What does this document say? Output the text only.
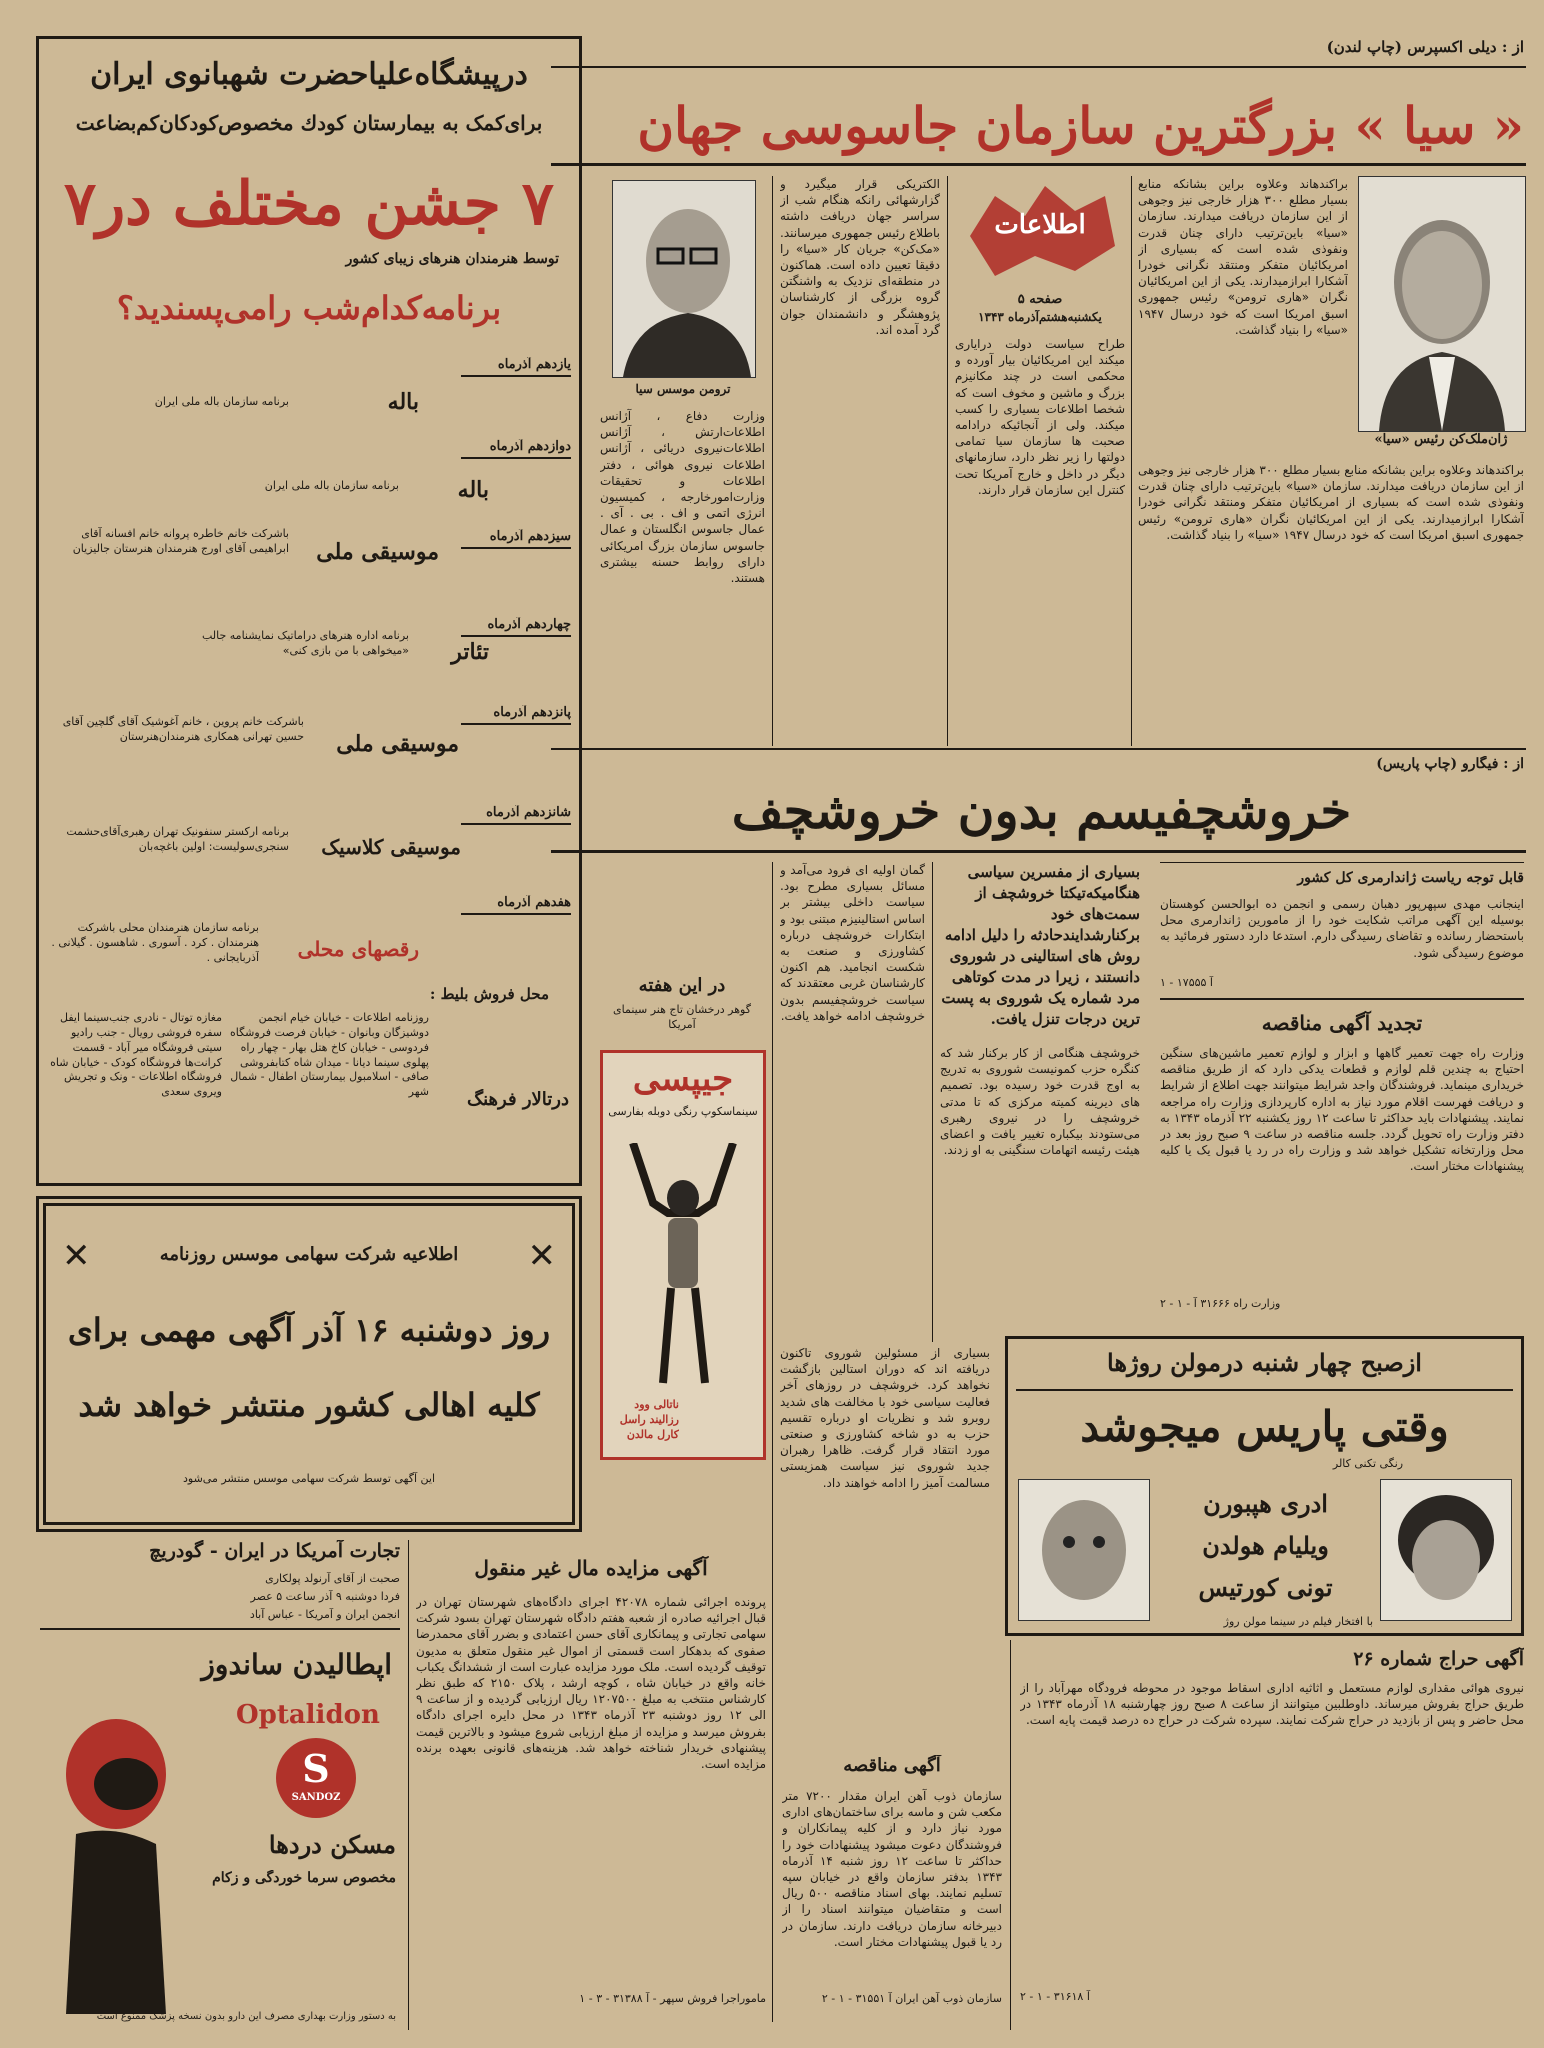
از : دیلی اکسپرس (چاپ لندن)
« سیا » بزرگترین سازمان جاسوسی جهان
ژان‌ملک‌کن رئیس «سیا»
براکندهاند وعلاوه براین بشانکه منابع بسیار مطلع ۳۰۰ هزار خارجی نیز وجوهی از این سازمان دریافت میدارند. سازمان «سیا» باین‌ترتیب دارای چنان قدرت ونفوذی شده است که بسیاری از امریکائیان متفکر ومنتقد نگرانی خودرا آشکارا ابرازمیدارند. یکی از این امریکائیان نگران «هاری ترومن» رئیس جمهوری اسبق امریکا است که خود درسال ۱۹۴۷ «سیا» را بنیاد گذاشت.
براکندهاند وعلاوه براین بشانکه منابع بسیار مطلع ۳۰۰ هزار خارجی نیز وجوهی از این سازمان دریافت میدارند. سازمان «سیا» باین‌ترتیب دارای چنان قدرت ونفوذی شده است که بسیاری از امریکائیان متفکر ومنتقد نگرانی خودرا آشکارا ابرازمیدارند. یکی از این امریکائیان نگران «هاری ترومن» رئیس جمهوری اسبق امریکا است که خود درسال ۱۹۴۷ «سیا» را بنیاد گذاشت.
اطلاعات
صفحه ۵
یکشنبه‌هشتم‌آذرماه ۱۳۴۳
طراح سیاست دولت درایاری میکند این امریکائیان بیار آورده و محکمی است در چند مکانیزم بزرگ و ماشین و مخوف است که شخصا اطلاعات بسیاری را کسب میکند. ولی از آنجائیکه درادامه صحبت ها سازمان سیا تمامی دولتها را زیر نظر دارد، سازمانهای دیگر در داخل و خارج آمریکا تحت کنترل این سازمان قرار دارند.
الکتریکی قرار میگیرد و گزارشهائی رانکه هنگام شب از سراسر جهان دریافت داشته باطلاع رئیس جمهوری میرسانند. «مک‌کن» جریان کار «سیا» را دقیقا تعیین داده است. هماکنون در منطقه‌ای نزدیک به واشنگتن گروه بزرگی از کارشناسان پژوهشگر و دانشمندان جوان گرد آمده اند.
ترومن موسس سیا
وزارت دفاع ، آژانس اطلاعات‌ارتش ، آژانس اطلاعات‌نیروی دریائی ، آژانس اطلاعات نیروی هوائی ، دفتر اطلاعات و تحقیقات وزارت‌امورخارجه ، کمیسیون انرژی اتمی و اف . بی . آی . عمال جاسوس انگلستان و عمال جاسوس سازمان بزرگ امریکائی دارای روابط حسنه بیشتری هستند.
از : فیگارو (چاپ پاریس)
خروشچفیسم بدون خروشچف
بسیاری از مفسرین سیاسی هنگامیکه‌تیکتا خروشچف از سمت‌های خود برکنارشدایندحادثه را دلیل ادامه روش های استالینی در شوروی دانستند ، زیرا در مدت کوتاهی مرد شماره یک شوروی به پست ترین درجات تنزل یافت.
خروشچف هنگامی از کار برکنار شد که کنگره حزب کمونیست شوروی به تدریج به اوج قدرت خود رسیده بود. تصمیم های دیرینه کمیته مرکزی که تا مدتی خروشچف را در نیروی رهبری می‌ستودند بیکباره تغییر یافت و اعضای هیئت رئیسه اتهامات سنگینی به او زدند.
گمان اولیه ای فرود می‌آمد و مسائل بسیاری مطرح بود. سیاست داخلی بیشتر بر اساس استالینیزم مبتنی بود و ابتکارات خروشچف درباره کشاورزی و صنعت به شکست انجامید. هم اکنون کارشناسان غربی معتقدند که سیاست خروشچفیسم بدون خروشچف ادامه خواهد یافت.
بسیاری از مسئولین شوروی تاکنون دریافته اند که دوران استالین بازگشت نخواهد کرد. خروشچف در روزهای آخر فعالیت سیاسی خود با مخالفت های شدید روبرو شد و نظریات او درباره تقسیم حزب به دو شاخه کشاورزی و صنعتی مورد انتقاد قرار گرفت. ظاهرا رهبران جدید شوروی نیز سیاست همزیستی مسالمت آمیز را ادامه خواهند داد.
قابل توجه ریاست ژاندارمری کل کشور
اینجانب مهدی سپهرپور دهبان رسمی و انجمن ده ابوالحسن کوهستان بوسیله این آگهی مراتب شکایت خود را از مامورین ژاندارمری محل باستحضار رسانده و تقاضای رسیدگی دارم. استدعا دارد دستور فرمائید به موضوع رسیدگی شود.
آ ۱۷۵۵۵ - ۱
تجدید آگهی مناقصه
وزارت راه جهت تعمیر گاهها و ابزار و لوازم تعمیر ماشین‌های سنگین احتیاج به چندین قلم لوازم و قطعات یدکی دارد که از طریق مناقصه خریداری مینماید. فروشندگان واجد شرایط میتوانند جهت اطلاع از شرایط و دریافت فهرست اقلام مورد نیاز به اداره کارپردازی وزارت راه مراجعه نمایند. پیشنهادات باید حداکثر تا ساعت ۱۲ روز یکشنبه ۲۲ آذرماه ۱۳۴۳ به دفتر وزارت راه تحویل گردد. جلسه مناقصه در ساعت ۹ صبح روز بعد در محل وزارتخانه تشکیل خواهد شد و وزارت راه در رد یا قبول یک یا کلیه پیشنهادات مختار است.
وزارت راه ۳۱۶۶۶ آ - ۱ - ۲
ازصبح چهار شنبه درمولن روژها
وقتی پاریس میجوشد
رنگی تکنی کالر
ادری هپبورن
ویلیام هولدن
تونی کورتیس
با افتخار فیلم در سینما مولن روژ
آگهی حراج شماره ۲۶
نیروی هوائی مقداری لوازم مستعمل و اثاثیه اداری اسقاط موجود در محوطه فرودگاه مهرآباد را از طریق حراج بفروش میرساند. داوطلبین میتوانند از ساعت ۸ صبح روز چهارشنبه ۱۸ آذرماه ۱۳۴۳ در محل حاضر و پس از بازدید در حراج شرکت نمایند. سپرده شرکت در حراج ده درصد قیمت پایه است.
آ ۳۱۶۱۸ - ۱ - ۲
آگهی مناقصه
سازمان ذوب آهن ایران مقدار ۷۲۰۰ متر مکعب شن و ماسه برای ساختمان‌های اداری مورد نیاز دارد و از کلیه پیمانکاران و فروشندگان دعوت میشود پیشنهادات خود را حداکثر تا ساعت ۱۲ روز شنبه ۱۴ آذرماه ۱۳۴۳ بدفتر سازمان واقع در خیابان سپه تسلیم نمایند. بهای اسناد مناقصه ۵۰۰ ریال است و متقاضیان میتوانند اسناد را از دبیرخانه سازمان دریافت دارند. سازمان در رد یا قبول پیشنهادات مختار است.
سازمان ذوب آهن ایران آ ۳۱۵۵۱ - ۱ - ۲
در این هفته
گوهر درخشان تاج هنر سینمای آمریکا
جیپسی
سینماسکوپ رنگی دوبله بفارسی
ناتالی وود رزالیند راسل کارل مالدن
درپیشگاه‌علیاحضرت شهبانوی ایران
برای‌کمک به بیمارستان کودك مخصوص‌کودکان‌کم‌بضاعت
۷ جشن مختلف در۷
توسط هنرمندان هنرهای زیبای کشور
برنامه‌کدام‌شب را‌می‌پسندید؟
یازدهم آذرماه
باله
برنامه سازمان باله ملی ایران
دوازدهم آذرماه
باله
برنامه سازمان باله ملی ایران
سیزدهم آذرماه
موسیقی ملی
باشرکت خانم خاطره پروانه خانم افسانه آقای ابراهیمی آقای اورج هنرمندان هنرستان جالیزیان
چهاردهم آذرماه
تئاتر
برنامه اداره هنرهای دراماتیک نمایشنامه جالب «میخواهی با من بازی کنی»
پانزدهم آذرماه
موسیقی ملی
باشرکت خانم پروین ، خانم آغوشیک آقای گلچین آقای حسین تهرانی همکاری هنرمندان‌هنرستان
شانزدهم آذرماه
موسیقی کلاسیک
برنامه ارکستر سنفونیک تهران رهبری‌آقای‌حشمت سنجری‌سولیست: اولین باغچه‌بان
هفدهم آذرماه
رقصهای محلی
برنامه سازمان هنرمندان محلی باشرکت هنرمندان . کرد . آسوری . شاهسون . گیلانی . آذربایجانی .
محل فروش بلیط :
روزنامه اطلاعات - خیابان خیام انجمن دوشیزگان وبانوان - خیابان فرصت فروشگاه فردوسی - خیابان کاخ هتل بهار - چهار راه پهلوی سینما دیانا - میدان شاه کتابفروشی صافی - اسلامبول بیمارستان اطفال - شمال شهر
مغازه توتال - نادری جنب‌سینما ایفل سفره فروشی رویال - جنب رادیو سیتی فروشگاه میر آباد - قسمت کرانت‌ها فروشگاه کودک - خیابان شاه فروشگاه اطلاعات - ونک و تجریش ویروی سعدی	درتالار فرهنگ
اطلاعیه شرکت سهامی موسس روزنامه
روز دوشنبه ۱۶ آذر آگهی مهمی برای
کلیه اهالی کشور منتشر خواهد شد
این آگهی توسط شرکت سهامی موسس منتشر می‌شود
✕	✕
تجارت آمریکا در ایران - گودریچ
صحبت از آقای آرنولد پولکاری
فردا دوشنبه ۹ آذر ساعت ۵ عصر
انجمن ایران و آمریکا - عباس آباد
اپطالیدن ساندوز
Optalidon
S
SANDOZ
مسکن دردها
مخصوص سرما خوردگی و زکام
به دستور وزارت بهداری مصرف این دارو بدون نسخه پزشک ممنوع است
آگهی مزایده مال غیر منقول
پرونده اجرائی شماره ۴۲۰۷۸ اجرای دادگاه‌های شهرستان تهران در قبال اجرائیه صادره از شعبه هفتم دادگاه شهرستان تهران بسود شرکت سهامی تجارتی و پیمانکاری آقای حسن اعتمادی و بضرر آقای محمدرضا صفوی که بدهکار است قسمتی از اموال غیر منقول متعلق به مدیون توقیف گردیده است. ملک مورد مزایده عبارت است از ششدانگ یکباب خانه واقع در خیابان شاه ، کوچه ارشد ، پلاک ۲۱۵۰ که طبق نظر کارشناس منتخب به مبلغ ۱۲۰۷۵۰۰ ریال ارزیابی گردیده و از ساعت ۹ الی ۱۲ روز دوشنبه ۲۳ آذرماه ۱۳۴۳ در محل دایره اجرای دادگاه بفروش میرسد و مزایده از مبلغ ارزیابی شروع میشود و بالاترین قیمت پیشنهادی خریدار شناخته خواهد شد. هزینه‌های قانونی بعهده برنده مزایده است.
ماموراجرا فروش سپهر - آ ۳۱۳۸۸ - ۳ - ۱
